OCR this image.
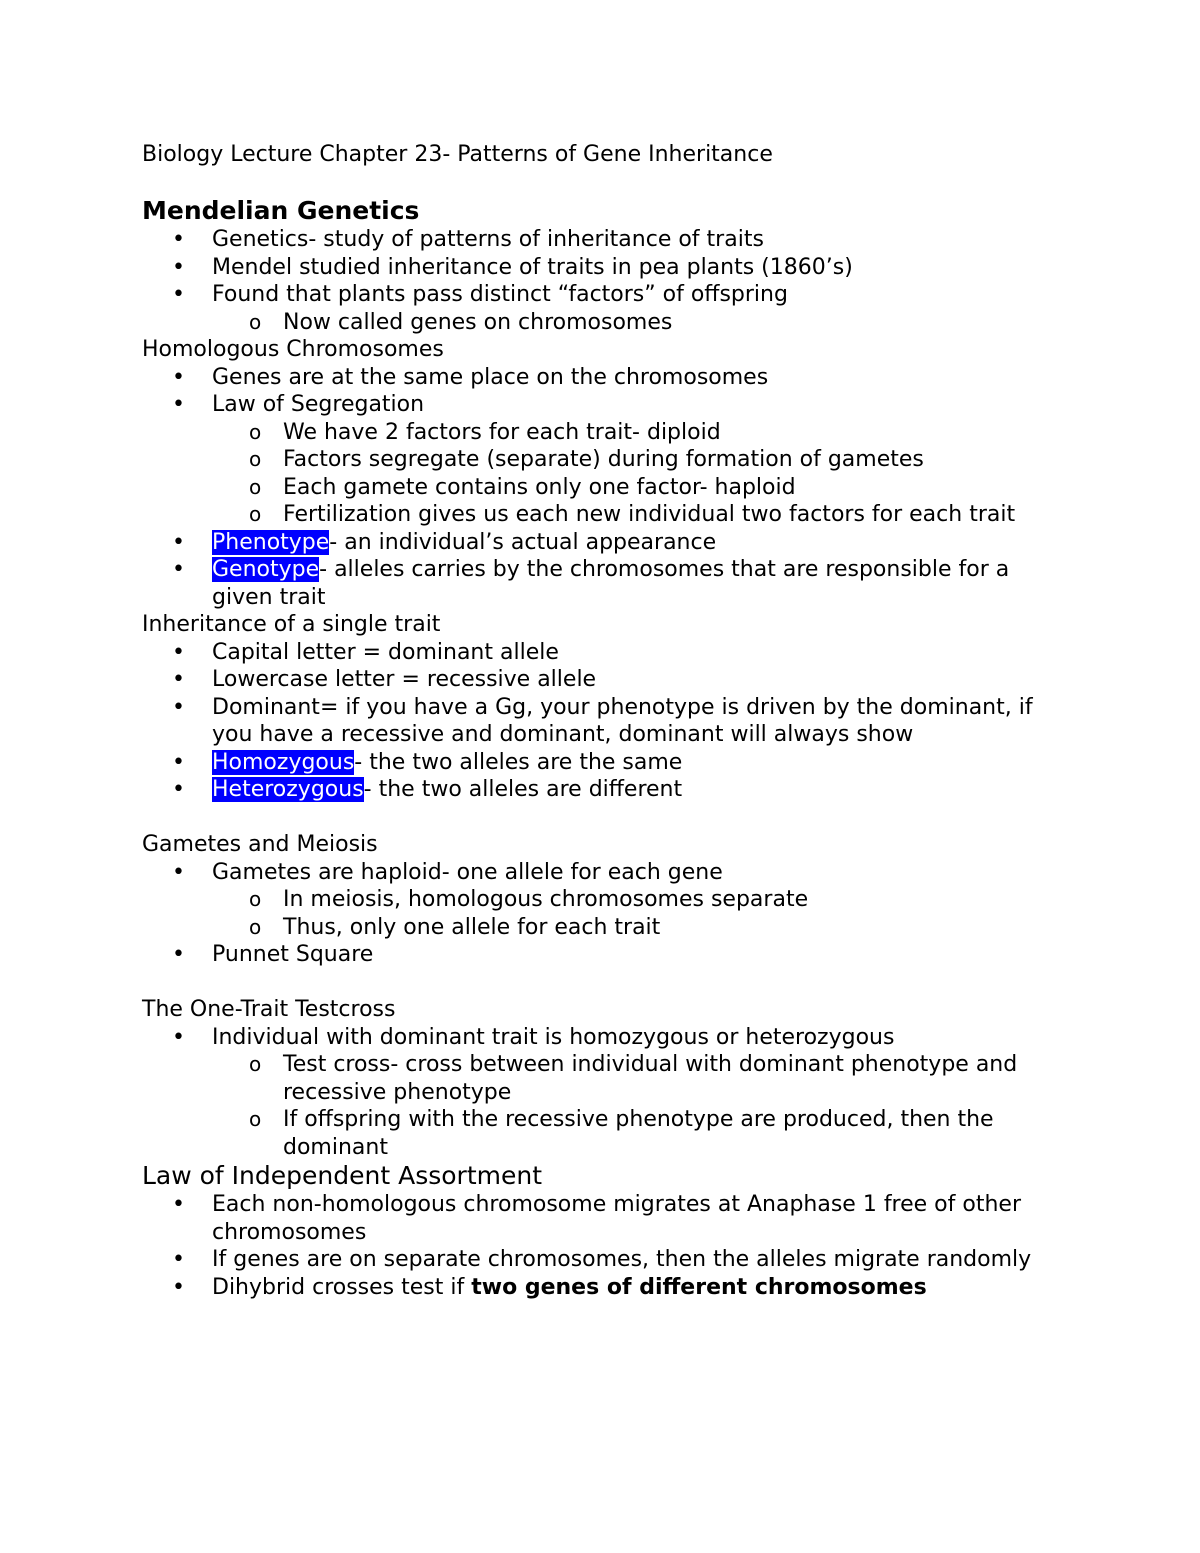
Biology Lecture Chapter 23- Patterns of Gene Inheritance

Mendelian Genetics
• Genetics- study of patterns of inheritance of traits
• Mendel studied inheritance of traits in pea plants (1860’s)
• Found that plants pass distinct “factors” of offspring
o Now called genes on chromosomes

Homologous Chromosomes

• Genes are at the same place on the chromosomes
• Law of Segregation
o We have 2 factors for each trait- diploid
o Factors segregate (separate) during formation of gametes
o Each gamete contains only one factor- haploid
o Fertilization gives us each new individual two factors for each trait
• Phenotype- an individual’s actual appearance
• Genotype- alleles carries by the chromosomes that are responsible for a given trait

Inheritance of a single trait

• Capital letter = dominant allele
• Lowercase letter = recessive allele
• Dominant= if you have a Gg, your phenotype is driven by the dominant, if you have a recessive and dominant, dominant will always show
• Homozygous- the two alleles are the same
• Heterozygous- the two alleles are different

Gametes and Meiosis

• Gametes are haploid- one allele for each gene
o In meiosis, homologous chromosomes separate
o Thus, only one allele for each trait
• Punnet Square

The One-Trait Testcross

• Individual with dominant trait is homozygous or heterozygous
o Test cross- cross between individual with dominant phenotype and recessive phenotype
o If offspring with the recessive phenotype are produced, then the dominant
Law of Independent Assortment
• Each non-homologous chromosome migrates at Anaphase 1 free of other chromosomes
• If genes are on separate chromosomes, then the alleles migrate randomly
• Dihybrid crosses test if two genes of different chromosomes
